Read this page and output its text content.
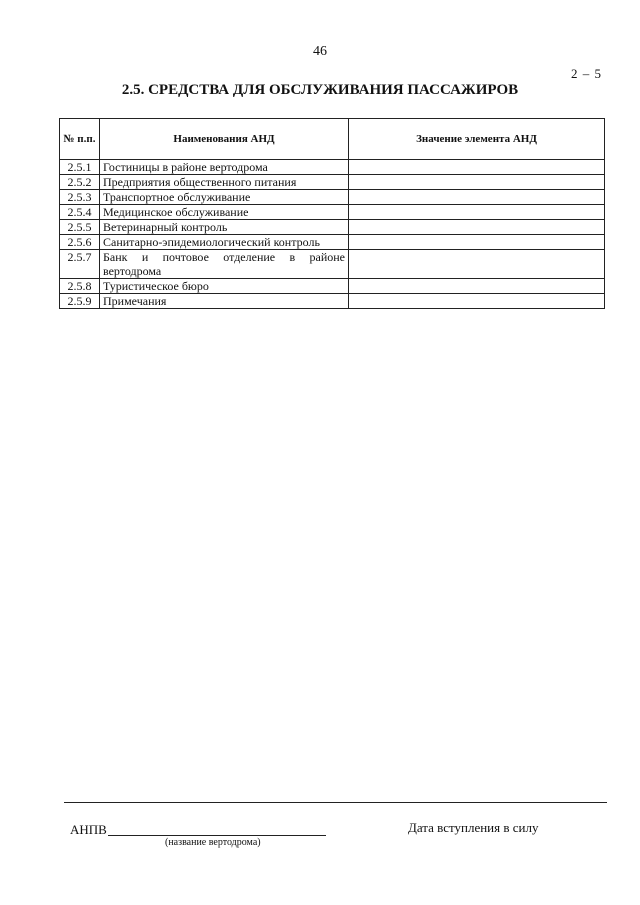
46
2 – 5
2.5. СРЕДСТВА ДЛЯ ОБСЛУЖИВАНИЯ ПАССАЖИРОВ
№ п.п.	Наименования АНД	Значение элемента АНД
2.5.1	Гостиницы в районе вертодрома	
2.5.2	Предприятия общественного питания	
2.5.3	Транспортное обслуживание	
2.5.4	Медицинское обслуживание	
2.5.5	Ветеринарный контроль	
2.5.6	Санитарно-эпидемиологический контроль	
2.5.7	Банк и почтовое отделение в районе вертодрома	
2.5.8	Туристическое бюро	
2.5.9	Примечания	
АНПВ
(название вертодрома)
Дата вступления в силу
